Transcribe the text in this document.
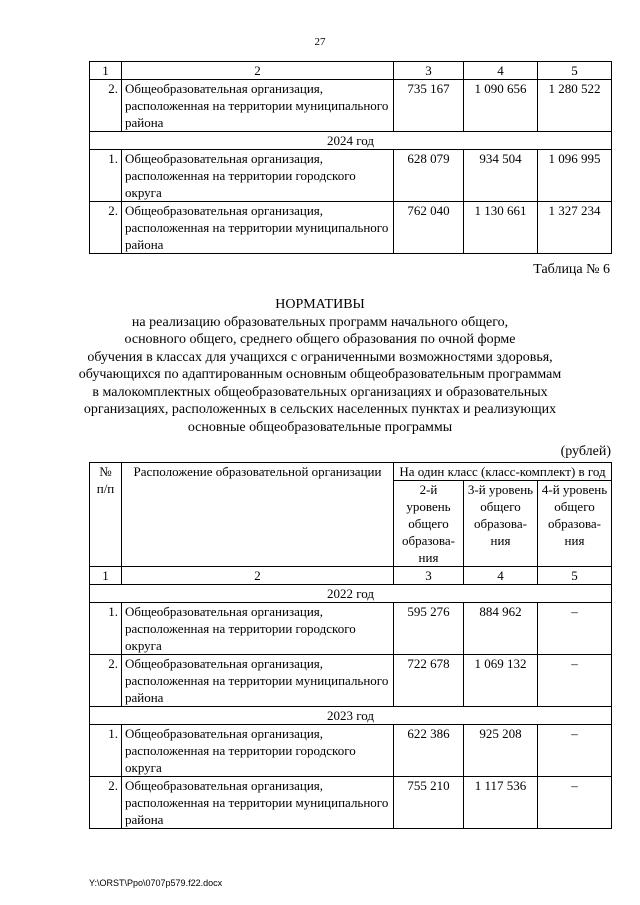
27
1	2	3	4	5
2.	Общеобразовательная организация, расположенная на территории муниципального района	735 167	1 090 656	1 280 522
2024 год				
1.	Общеобразовательная организация, расположенная на территории городского округа	628 079	934 504	1 096 995
2.	Общеобразовательная организация, расположенная на территории муниципального района	762 040	1 130 661	1 327 234
Таблица № 6
НОРМАТИВЫ
на реализацию образовательных программ начального общего,
основного общего, среднего общего образования по очной форме
обучения в классах для учащихся с ограниченными возможностями здоровья,
обучающихся по адаптированным основным общеобразовательным программам
в малокомплектных общеобразовательных организациях и образовательных
организациях, расположенных в сельских населенных пунктах и реализующих
основные общеобразовательные программы
(рублей)
№ п/п	Расположение образовательной организации	На один класс (класс-комплект) в год		
		2-й уровень общего образова-ния	3-й уровень общего образова-ния	4-й уровень общего образова-ния
1	2	3	4	5
2022 год				
1.	Общеобразовательная организация, расположенная на территории городского округа	595 276	884 962	–
2.	Общеобразовательная организация, расположенная на территории муниципального района	722 678	1 069 132	–
2023 год				
1.	Общеобразовательная организация, расположенная на территории городского округа	622 386	925 208	–
2.	Общеобразовательная организация, расположенная на территории муниципального района	755 210	1 117 536	–
Y:\ORST\Ppo\0707p579.f22.docx
